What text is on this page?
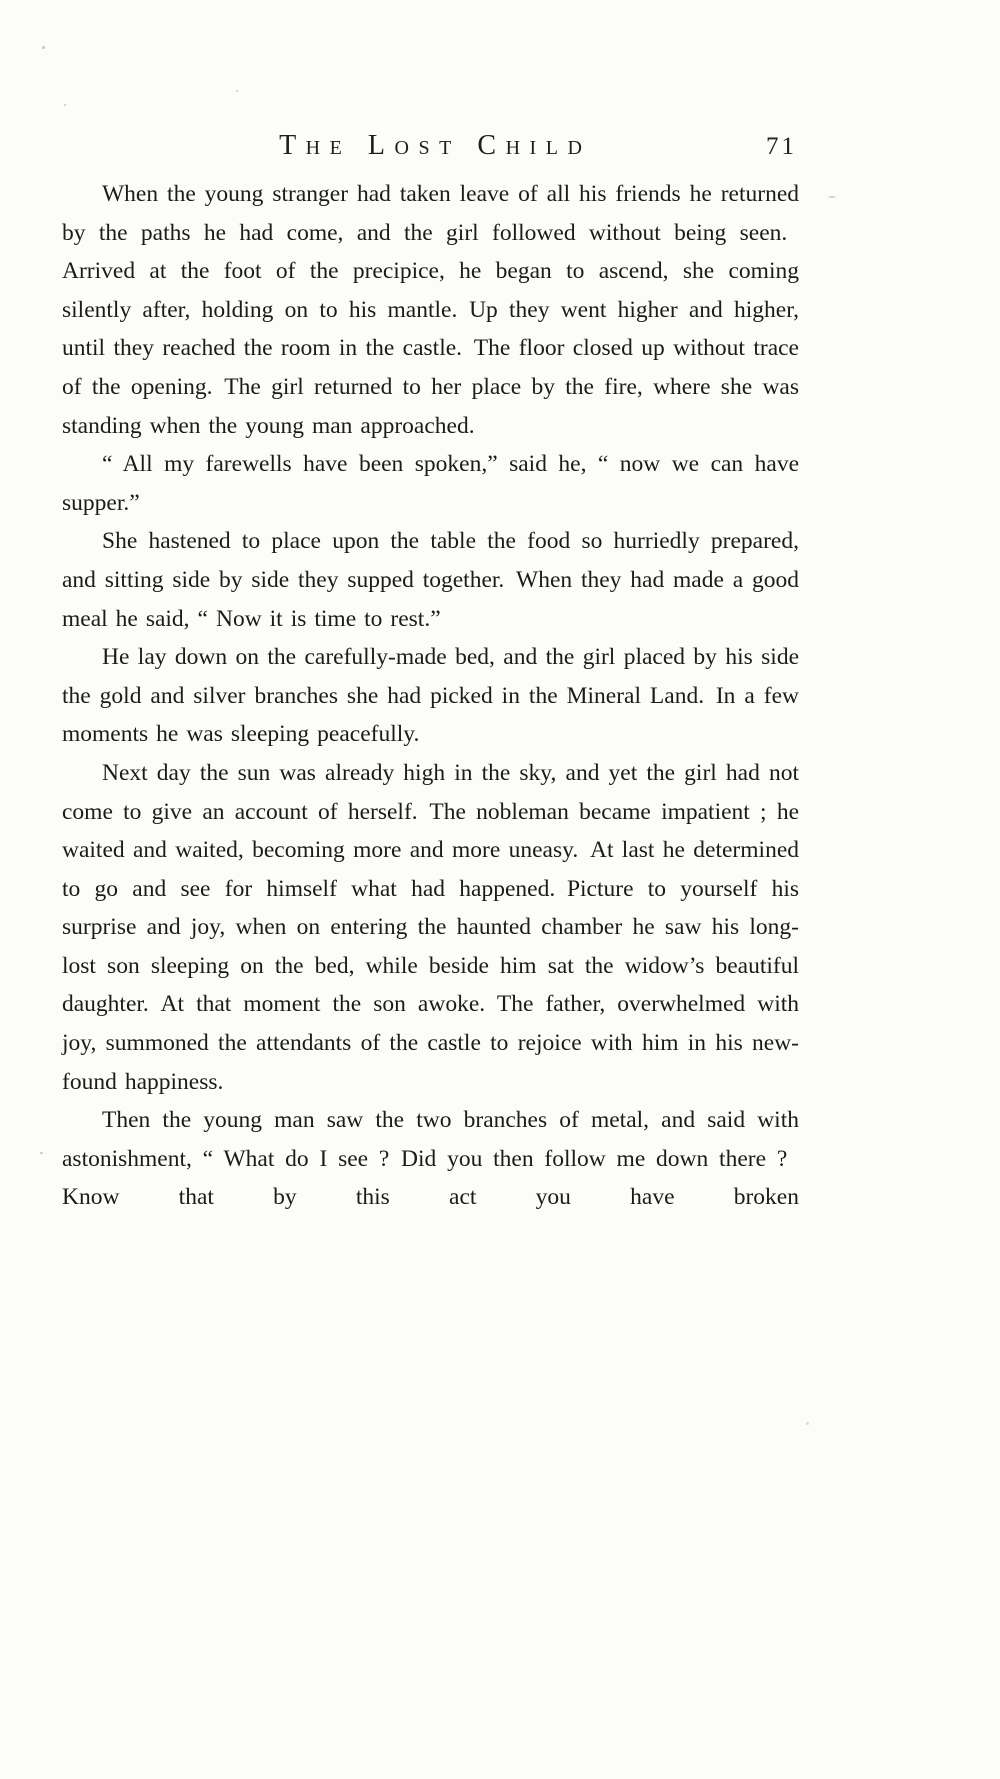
The Lost Child	71

When the young stranger had taken leave of all his friends he returned by the paths he had come, and the girl followed without being seen. Arrived at the foot of the precipice, he began to ascend, she coming silently after, holding on to his mantle. Up they went higher and higher, until they reached the room in the castle. The floor closed up without trace of the opening. The girl returned to her place by the fire, where she was standing when the young man approached.

“ All my farewells have been spoken,” said he, “ now we can have supper.”

She hastened to place upon the table the food so hurriedly prepared, and sitting side by side they supped together. When they had made a good meal he said, “ Now it is time to rest.”

He lay down on the carefully-made bed, and the girl placed by his side the gold and silver branches she had picked in the Mineral Land. In a few moments he was sleeping peacefully.

Next day the sun was already high in the sky, and yet the girl had not come to give an account of herself. The nobleman became impatient ; he waited and waited, becoming more and more uneasy. At last he determined to go and see for himself what had happened. Picture to yourself his surprise and joy, when on entering the haunted chamber he saw his long-lost son sleeping on the bed, while beside him sat the widow’s beautiful daughter. At that moment the son awoke. The father, overwhelmed with joy, summoned the attendants of the castle to rejoice with him in his new-found happiness.

Then the young man saw the two branches of metal, and said with astonishment, “ What do I see ? Did you then follow me down there ? Know that by this act you have broken
